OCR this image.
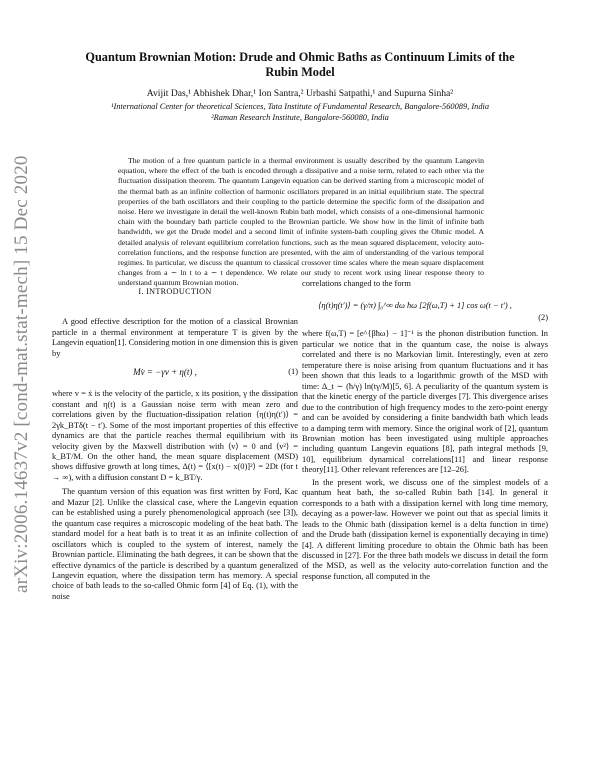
arXiv:2006.14637v2 [cond-mat.stat-mech] 15 Dec 2020
Quantum Brownian Motion: Drude and Ohmic Baths as Continuum Limits of the
Rubin Model
Avijit Das,¹ Abhishek Dhar,¹ Ion Santra,² Urbashi Satpathi,¹ and Supurna Sinha²
¹International Center for theoretical Sciences, Tata Institute of Fundamental Research, Bangalore-560089, India
²Raman Research Institute, Bangalore-560080, India
The motion of a free quantum particle in a thermal environment is usually described by the quantum Langevin equation, where the effect of the bath is encoded through a dissipative and a noise term, related to each other via the fluctuation dissipation theorem. The quantum Langevin equation can be derived starting from a microscopic model of the thermal bath as an infinite collection of harmonic oscillators prepared in an initial equilibrium state. The spectral properties of the bath oscillators and their coupling to the particle determine the specific form of the dissipation and noise. Here we investigate in detail the well-known Rubin bath model, which consists of a one-dimensional harmonic chain with the boundary bath particle coupled to the Brownian particle. We show how in the limit of infinite bath bandwidth, we get the Drude model and a second limit of infinite system-bath coupling gives the Ohmic model. A detailed analysis of relevant equilibrium correlation functions, such as the mean squared displacement, velocity auto-correlation functions, and the response function are presented, with the aim of understanding of the various temporal regimes. In particular, we discuss the quantum to classical crossover time scales where the mean square displacement changes from a ∼ ln t to a ∼ t dependence. We relate our study to recent work using linear response theory to understand quantum Brownian motion.
I. INTRODUCTION

A good effective description for the motion of a classical Brownian particle in a thermal environment at temperature T is given by the Langevin equation[1]. Considering motion in one dimension this is given by

Mv̇ = −γv + η(t) ,	(1)

where v = ẋ is the velocity of the particle, x its position, γ the dissipation constant and η(t) is a Gaussian noise term with mean zero and correlations given by the fluctuation-dissipation relation ⟨η(t)η(t′)⟩ = 2γk_BTδ(t − t′). Some of the most important properties of this effective dynamics are that the particle reaches thermal equilibrium with its velocity given by the Maxwell distribution with ⟨v⟩ = 0 and ⟨v²⟩ = k_BT/M. On the other hand, the mean square displacement (MSD) shows diffusive growth at long times, Δ(t) = ⟨[x(t) − x(0)]²⟩ = 2Dt (for t → ∞), with a diffusion constant D = k_BT/γ.

The quantum version of this equation was first written by Ford, Kac and Mazur [2]. Unlike the classical case, where the Langevin equation can be established using a purely phenomenological approach (see [3]), the quantum case requires a microscopic modeling of the heat bath. The standard model for a heat bath is to treat it as an infinite collection of oscillators which is coupled to the system of interest, namely the Brownian particle. Eliminating the bath degrees, it can be shown that the effective dynamics of the particle is described by a quantum generalized Langevin equation, where the dissipation term has memory. A special choice of bath leads to the so-called Ohmic form [4] of Eq. (1), with the noise

correlations changed to the form

⟨η(t)η(t′)⟩ = (γ/π) ∫₀^∞ dω ħω [2f(ω,T) + 1] cos ω(t − t′) ,
(2)

where f(ω,T) = [e^{βħω} − 1]⁻¹ is the phonon distribution function. In particular we notice that in the quantum case, the noise is always correlated and there is no Markovian limit. Interestingly, even at zero temperature there is noise arising from quantum fluctuations and it has been shown that this leads to a logarithmic growth of the MSD with time: Δ_t ∼ (ħ/γ) ln(tγ/M)[5, 6]. A peculiarity of the quantum system is that the kinetic energy of the particle diverges [7]. This divergence arises due to the contribution of high frequency modes to the zero-point energy and can be avoided by considering a finite bandwidth bath which leads to a damping term with memory. Since the original work of [2], quantum Brownian motion has been investigated using multiple approaches including quantum Langevin equations [8], path integral methods [9, 10], equilibrium dynamical correlations[11] and linear response theory[11]. Other relevant references are [12–26].

In the present work, we discuss one of the simplest models of a quantum heat bath, the so-called Rubin bath [14]. In general it corresponds to a bath with a dissipation kernel with long time memory, decaying as a power-law. However we point out that as special limits it leads to the Ohmic bath (dissipation kernel is a delta function in time) and the Drude bath (dissipation kernel is exponentially decaying in time) [4]. A different limiting procedure to obtain the Ohmic bath has been discussed in [27]. For the three bath models we discuss in detail the form of the MSD, as well as the velocity auto-correlation function and the response function, all computed in the
